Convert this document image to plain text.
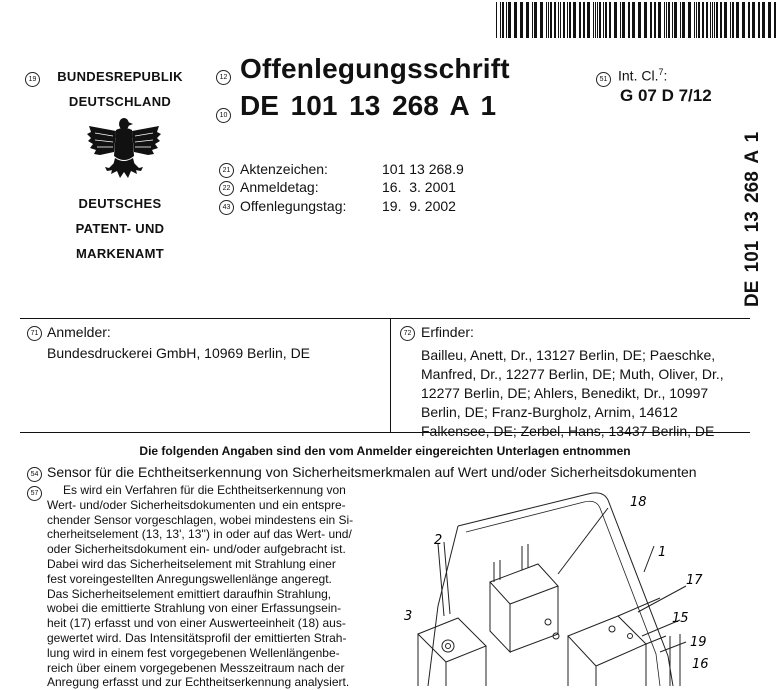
19	BUNDESREPUBLIK
DEUTSCHLAND
DEUTSCHES
PATENT- UND
MARKENAMT
12 Offenlegungsschrift
10 DE 101 13 268 A 1
51 Int. Cl.$^7$:
G 07 D 7/12
DE 101 13 268 A 1
21 Aktenzeichen:	101 13 268.9
22 Anmeldetag:	16.  3. 2001
43 Offenlegungstag:	19.  9. 2002
71 Anmelder:
Bundesdruckerei GmbH, 10969 Berlin, DE
72 Erfinder:
Bailleu, Anett, Dr., 13127 Berlin, DE; Paeschke,
Manfred, Dr., 12277 Berlin, DE; Muth, Oliver, Dr.,
12277 Berlin, DE; Ahlers, Benedikt, Dr., 10997
Berlin, DE; Franz-Burgholz, Arnim, 14612
Falkensee, DE; Zerbel, Hans, 13437 Berlin, DE
Die folgenden Angaben sind den vom Anmelder eingereichten Unterlagen entnommen
54 Sensor für die Echtheitserkennung von Sicherheitsmerkmalen auf Wert und/oder Sicherheitsdokumenten
57	Es wird ein Verfahren für die Echtheitserkennung von
Wert- und/oder Sicherheitsdokumenten und ein entspre-
chender Sensor vorgeschlagen, wobei mindestens ein Si-
cherheitselement (13, 13', 13'') in oder auf das Wert- und/
oder Sicherheitsdokument ein- und/oder aufgebracht ist.
Dabei wird das Sicherheitselement mit Strahlung einer
fest voreingestellten Anregungswellenlänge angeregt.
Das Sicherheitselement emittiert daraufhin Strahlung,
wobei die emittierte Strahlung von einer Erfassungsein-
heit (17) erfasst und von einer Auswerteeinheit (18) aus-
gewertet wird. Das Intensitätsprofil der emittierten Strah-
lung wird in einem fest vorgegebenen Wellenlängenbe-
reich über einem vorgegebenen Messzeitraum nach der
Anregung erfasst und zur Echtheitserkennung analysiert.
18
2
1
17
3	15
19
16
